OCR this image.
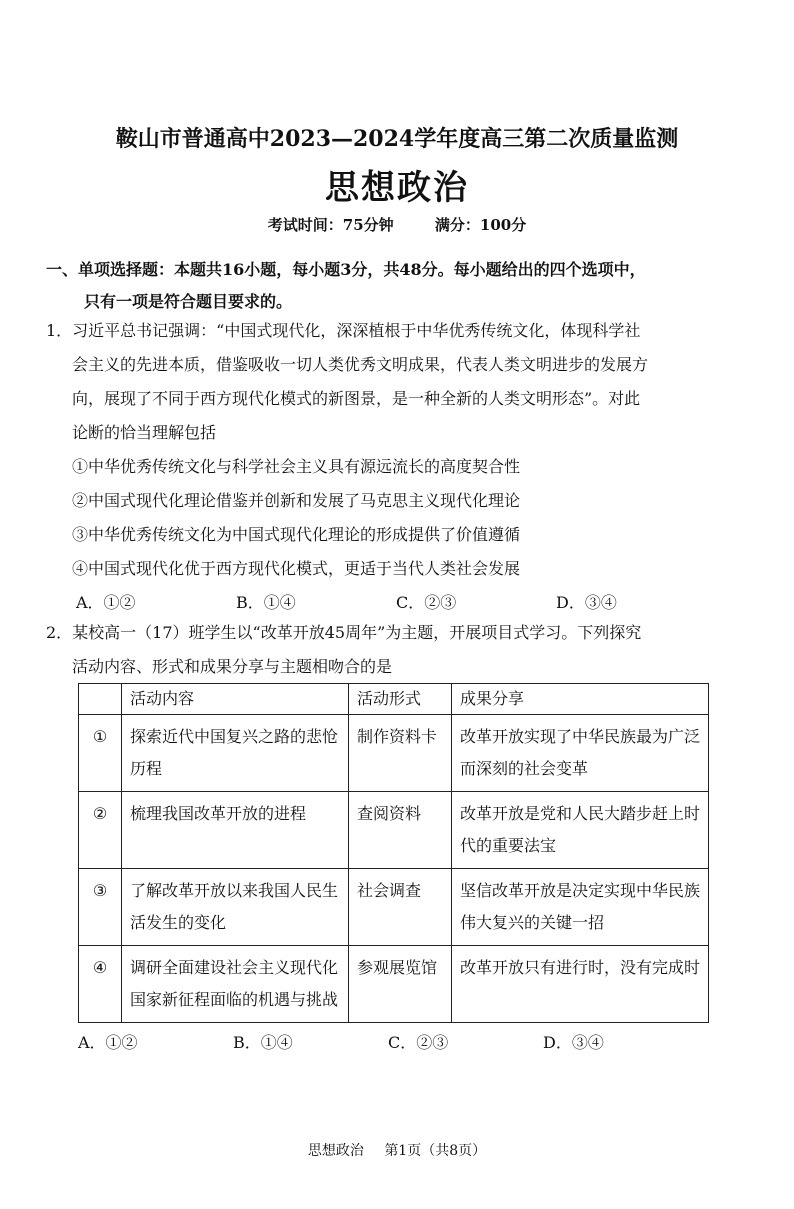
鞍山市普通高中2023—2024学年度高三第二次质量监测
思想政治
考试时间：75分钟	满分：100分
一、单项选择题：本题共16小题，每小题3分，共48分。每小题给出的四个选项中，
只有一项是符合题目要求的。
1．习近平总书记强调：“中国式现代化，深深植根于中华优秀传统文化，体现科学社
会主义的先进本质，借鉴吸收一切人类优秀文明成果，代表人类文明进步的发展方
向，展现了不同于西方现代化模式的新图景，是一种全新的人类文明形态”。对此
论断的恰当理解包括
①中华优秀传统文化与科学社会主义具有源远流长的高度契合性
②中国式现代化理论借鉴并创新和发展了马克思主义现代化理论
③中华优秀传统文化为中国式现代化理论的形成提供了价值遵循
④中国式现代化优于西方现代化模式，更适于当代人类社会发展
A．①②	B．①④	C．②③	D．③④
2．某校高一（17）班学生以“改革开放45周年”为主题，开展项目式学习。下列探究
活动内容、形式和成果分享与主题相吻合的是
	活动内容	活动形式	成果分享
①	探索近代中国复兴之路的悲怆历程	制作资料卡	改革开放实现了中华民族最为广泛而深刻的社会变革
②	梳理我国改革开放的进程	查阅资料	改革开放是党和人民大踏步赶上时代的重要法宝
③	了解改革开放以来我国人民生活发生的变化	社会调查	坚信改革开放是决定实现中华民族伟大复兴的关键一招
④	调研全面建设社会主义现代化国家新征程面临的机遇与挑战	参观展览馆	改革开放只有进行时，没有完成时
A．①②	B．①④	C．②③	D．③④
思想政治 第1页（共8页）
